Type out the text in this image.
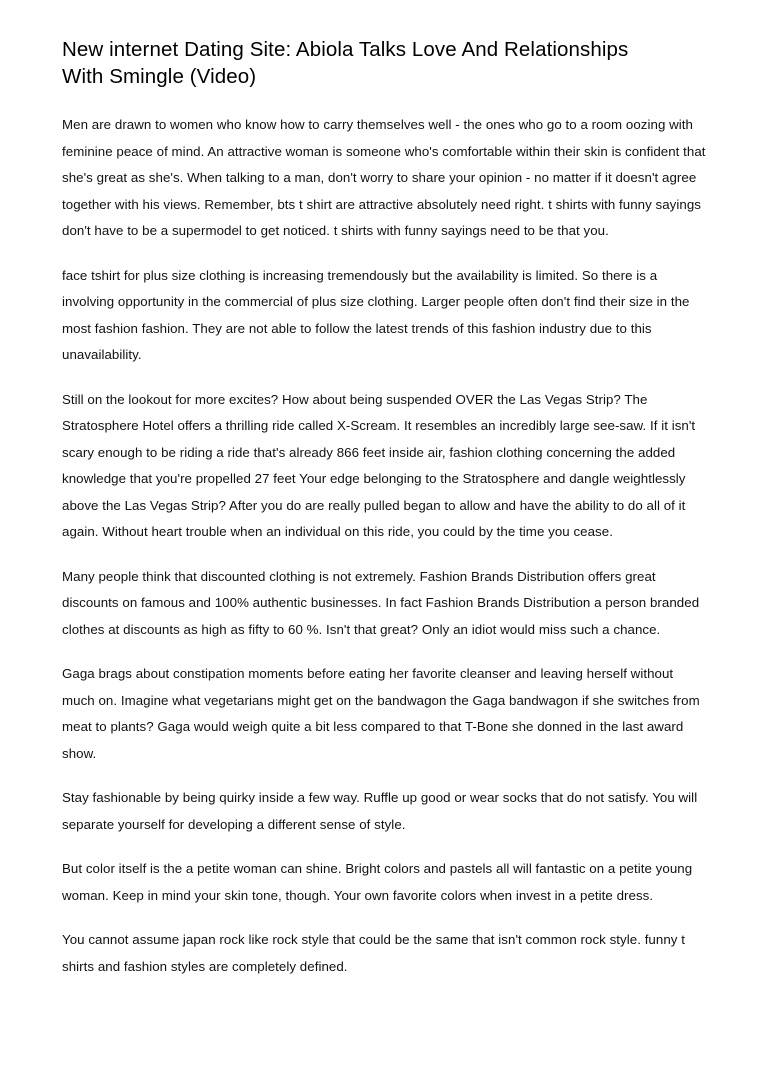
New internet Dating Site: Abiola Talks Love And Relationships With Smingle (Video)

Men are drawn to women who know how to carry themselves well - the ones who go to a room oozing with feminine peace of mind. An attractive woman is someone who's comfortable within their skin is confident that she's great as she's. When talking to a man, don't worry to share your opinion - no matter if it doesn't agree together with his views. Remember, bts t shirt are attractive absolutely need right. t shirts with funny sayings don't have to be a supermodel to get noticed. t shirts with funny sayings need to be that you.

face tshirt for plus size clothing is increasing tremendously but the availability is limited. So there is a involving opportunity in the commercial of plus size clothing. Larger people often don't find their size in the most fashion fashion. They are not able to follow the latest trends of this fashion industry due to this unavailability.

Still on the lookout for more excites? How about being suspended OVER the Las Vegas Strip? The Stratosphere Hotel offers a thrilling ride called X-Scream. It resembles an incredibly large see-saw. If it isn't scary enough to be riding a ride that's already 866 feet inside air, fashion clothing concerning the added knowledge that you're propelled 27 feet Your edge belonging to the Stratosphere and dangle weightlessly above the Las Vegas Strip? After you do are really pulled began to allow and have the ability to do all of it again. Without heart trouble when an individual on this ride, you could by the time you cease.

Many people think that discounted clothing is not extremely. Fashion Brands Distribution offers great discounts on famous and 100% authentic businesses. In fact Fashion Brands Distribution a person branded clothes at discounts as high as fifty to 60 %. Isn't that great? Only an idiot would miss such a chance.

Gaga brags about constipation moments before eating her favorite cleanser and leaving herself without much on. Imagine what vegetarians might get on the bandwagon the Gaga bandwagon if she switches from meat to plants? Gaga would weigh quite a bit less compared to that T-Bone she donned in the last award show.

Stay fashionable by being quirky inside a few way. Ruffle up good or wear socks that do not satisfy. You will separate yourself for developing a different sense of style.

But color itself is the a petite woman can shine. Bright colors and pastels all will fantastic on a petite young woman. Keep in mind your skin tone, though. Your own favorite colors when invest in a petite dress.

You cannot assume japan rock like rock style that could be the same that isn't common rock style. funny t shirts and fashion styles are completely defined.
